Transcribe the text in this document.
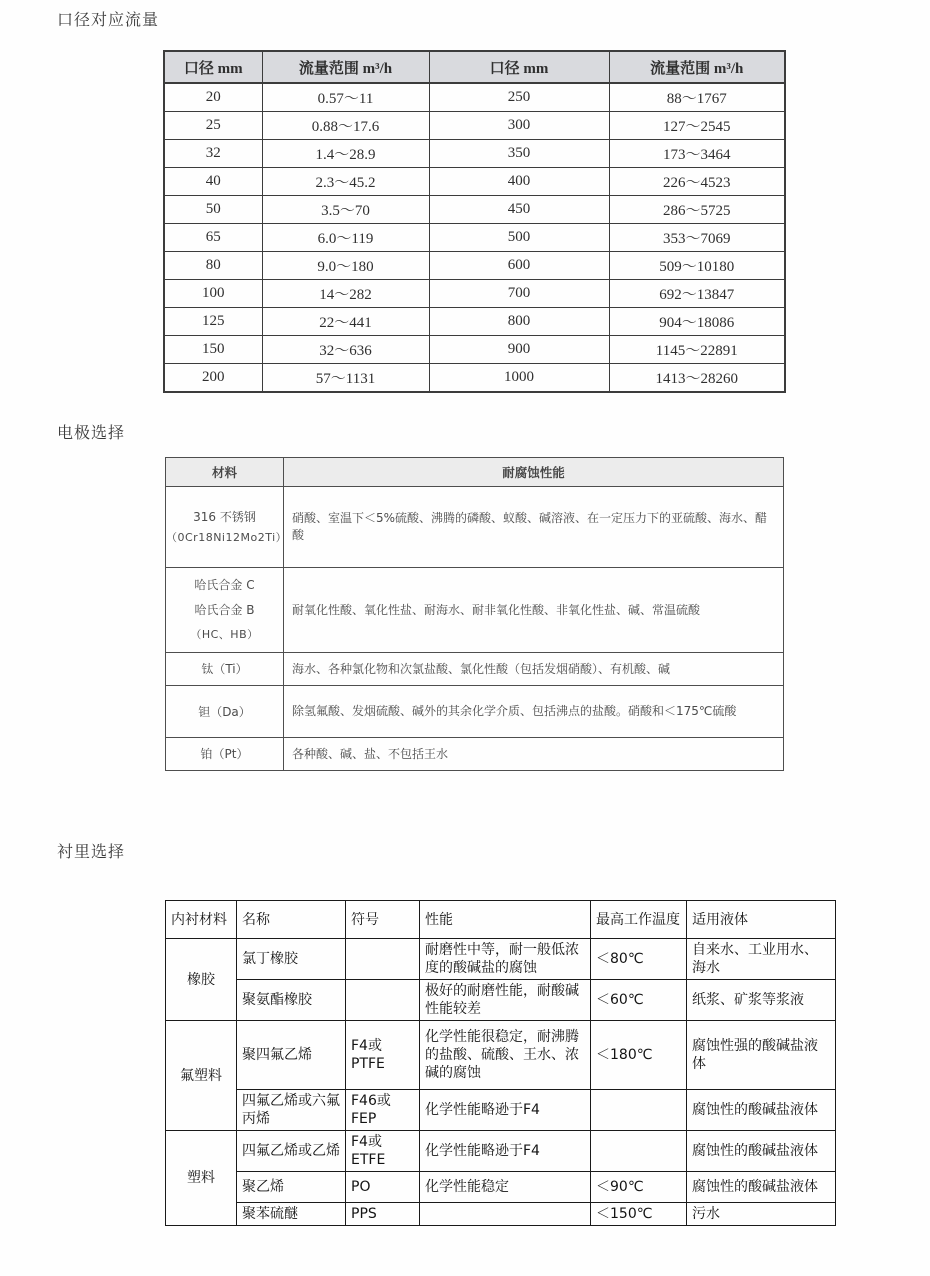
口径对应流量
口径 mm	流量范围 m³/h	口径 mm	流量范围 m³/h
20	0.57～11	250	88～1767
25	0.88～17.6	300	127～2545
32	1.4～28.9	350	173～3464
40	2.3～45.2	400	226～4523
50	3.5～70	450	286～5725
65	6.0～119	500	353～7069
80	9.0～180	600	509～10180
100	14～282	700	692～13847
125	22～441	800	904～18086
150	32～636	900	1145～22891
200	57～1131	1000	1413～28260
电极选择
材料	耐腐蚀性能

316 不锈钢
（0Cr18Ni12Mo2Ti）	硝酸、室温下＜5%硫酸、沸腾的磷酸、蚁酸、碱溶液、在一定压力下的亚硫酸、海水、醋酸

哈氏合金 C
哈氏合金 B
（HC、HB）	耐氧化性酸、氧化性盐、耐海水、耐非氧化性酸、非氧化性盐、碱、常温硫酸

钛（Ti）	海水、各种氯化物和次氯盐酸、氯化性酸（包括发烟硝酸）、有机酸、碱

钽（Da）	除氢氟酸、发烟硫酸、碱外的其余化学介质、包括沸点的盐酸。硝酸和＜175℃硫酸

铂（Pt）	各种酸、碱、盐、不包括王水
衬里选择
内衬材料	名称	符号	性能	最高工作温度	适用液体
橡胶	氯丁橡胶		耐磨性中等，耐一般低浓度的酸碱盐的腐蚀	＜80℃	自来水、工业用水、海水
	聚氨酯橡胶		极好的耐磨性能，耐酸碱性能较差	＜60℃	纸浆、矿浆等浆液
氟塑料	聚四氟乙烯	F4或PTFE	化学性能很稳定，耐沸腾的盐酸、硫酸、王水、浓碱的腐蚀	＜180℃	腐蚀性强的酸碱盐液体
	四氟乙烯或六氟丙烯	F46或FEP	化学性能略逊于F4		腐蚀性的酸碱盐液体
塑料	四氟乙烯或乙烯	F4或ETFE	化学性能略逊于F4		腐蚀性的酸碱盐液体
	聚乙烯	PO	化学性能稳定	＜90℃	腐蚀性的酸碱盐液体
	聚苯硫醚	PPS		＜150℃	污水
